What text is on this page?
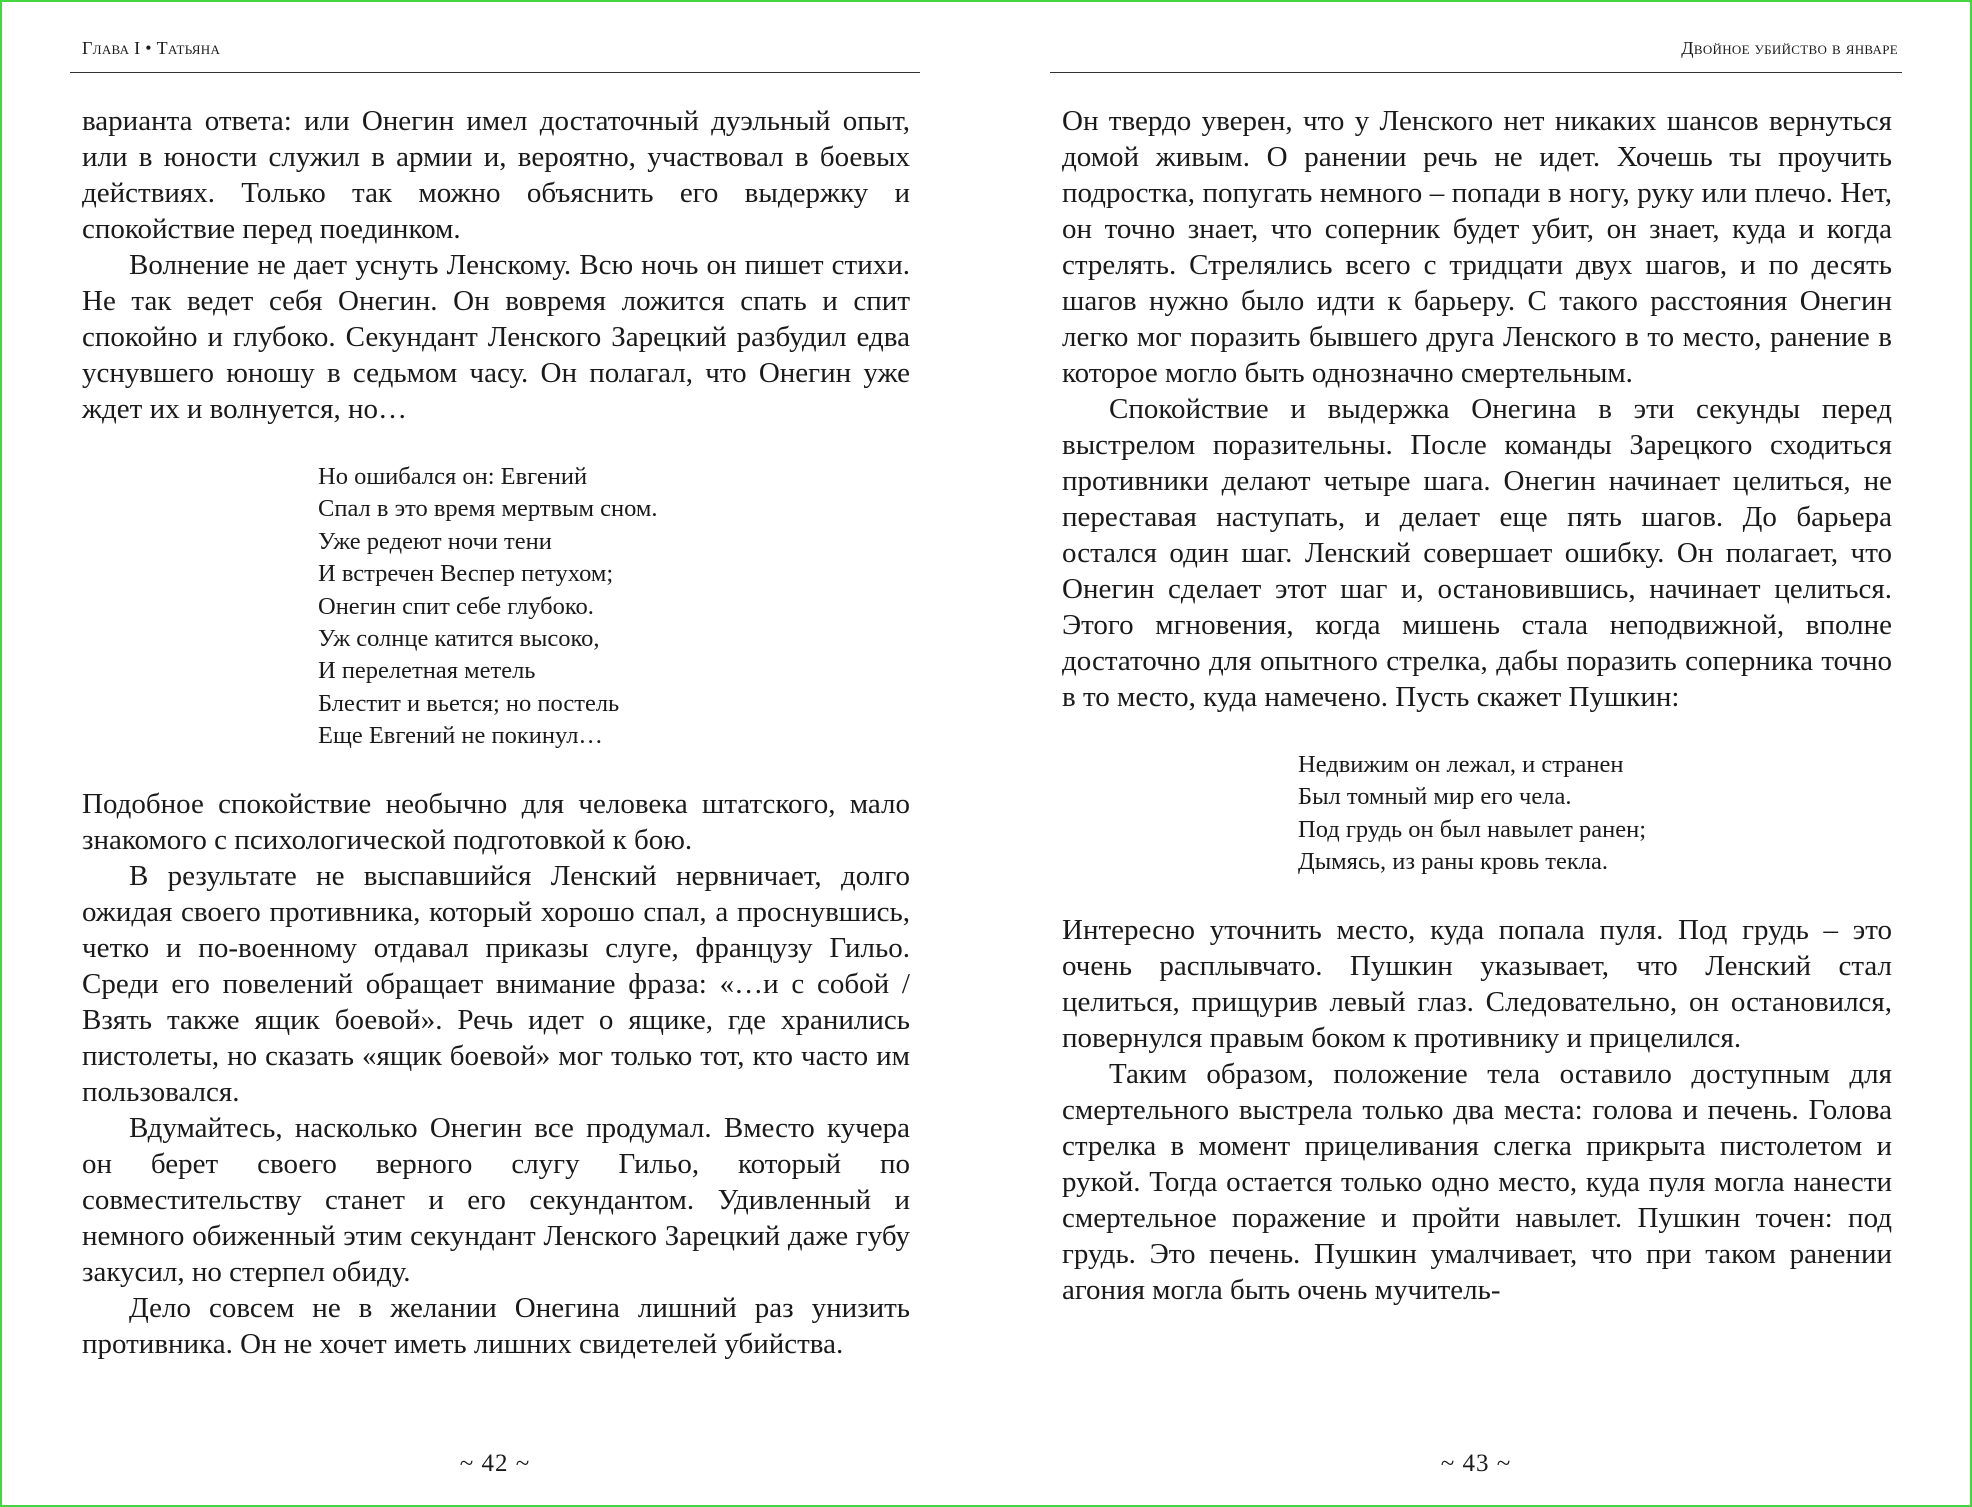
Глава I • Татьяна

варианта ответа: или Онегин имел достаточный дуэльный опыт, или в юности служил в армии и, вероятно, участвовал в боевых действиях. Только так можно объяснить его выдержку и спокойствие перед поединком.

Волнение не дает уснуть Ленскому. Всю ночь он пишет стихи. Не так ведет себя Онегин. Он вовремя ложится спать и спит спокойно и глубоко. Секундант Ленского Зарецкий разбудил едва уснувшего юношу в седьмом часу. Он полагал, что Онегин уже ждет их и волнуется, но…

Но ошибался он: Евгений
Спал в это время мертвым сном.
Уже редеют ночи тени
И встречен Веспер петухом;
Онегин спит себе глубоко.
Уж солнце катится высоко,
И перелетная метель
Блестит и вьется; но постель
Еще Евгений не покинул…

Подобное спокойствие необычно для человека штатского, мало знакомого с психологической подготовкой к бою.

В результате не выспавшийся Ленский нервничает, долго ожидая своего противника, который хорошо спал, а проснувшись, четко и по-военному отдавал приказы слуге, французу Гильо. Среди его повелений обращает внимание фраза: «…и с собой / Взять также ящик боевой». Речь идет о ящике, где хранились пистолеты, но сказать «ящик боевой» мог только тот, кто часто им пользовался.

Вдумайтесь, насколько Онегин все продумал. Вместо кучера он берет своего верного слугу Гильо, который по совместительству станет и его секундантом. Удивленный и немного обиженный этим секундант Ленского Зарецкий даже губу закусил, но стерпел обиду.

Дело совсем не в желании Онегина лишний раз унизить противника. Он не хочет иметь лишних свидетелей убийства.

~ 42 ~
Двойное убийство в январе

Он твердо уверен, что у Ленского нет никаких шансов вернуться домой живым. О ранении речь не идет. Хочешь ты проучить подростка, попугать немного – попади в ногу, руку или плечо. Нет, он точно знает, что соперник будет убит, он знает, куда и когда стрелять. Стрелялись всего с тридцати двух шагов, и по десять шагов нужно было идти к барьеру. С такого расстояния Онегин легко мог поразить бывшего друга Ленского в то место, ранение в которое могло быть однозначно смертельным.

Спокойствие и выдержка Онегина в эти секунды перед выстрелом поразительны. После команды Зарецкого сходиться противники делают четыре шага. Онегин начинает целиться, не переставая наступать, и делает еще пять шагов. До барьера остался один шаг. Ленский совершает ошибку. Он полагает, что Онегин сделает этот шаг и, остановившись, начинает целиться. Этого мгновения, когда мишень стала неподвижной, вполне достаточно для опытного стрелка, дабы поразить соперника точно в то место, куда намечено. Пусть скажет Пушкин:

Недвижим он лежал, и странен
Был томный мир его чела.
Под грудь он был навылет ранен;
Дымясь, из раны кровь текла.

Интересно уточнить место, куда попала пуля. Под грудь – это очень расплывчато. Пушкин указывает, что Ленский стал целиться, прищурив левый глаз. Следовательно, он остановился, повернулся правым боком к противнику и прицелился.

Таким образом, положение тела оставило доступным для смертельного выстрела только два места: голова и печень. Голова стрелка в момент прицеливания слегка прикрыта пистолетом и рукой. Тогда остается только одно место, куда пуля могла нанести смертельное поражение и пройти навылет. Пушкин точен: под грудь. Это печень. Пушкин умалчивает, что при таком ранении агония могла быть очень мучитель-

~ 43 ~
